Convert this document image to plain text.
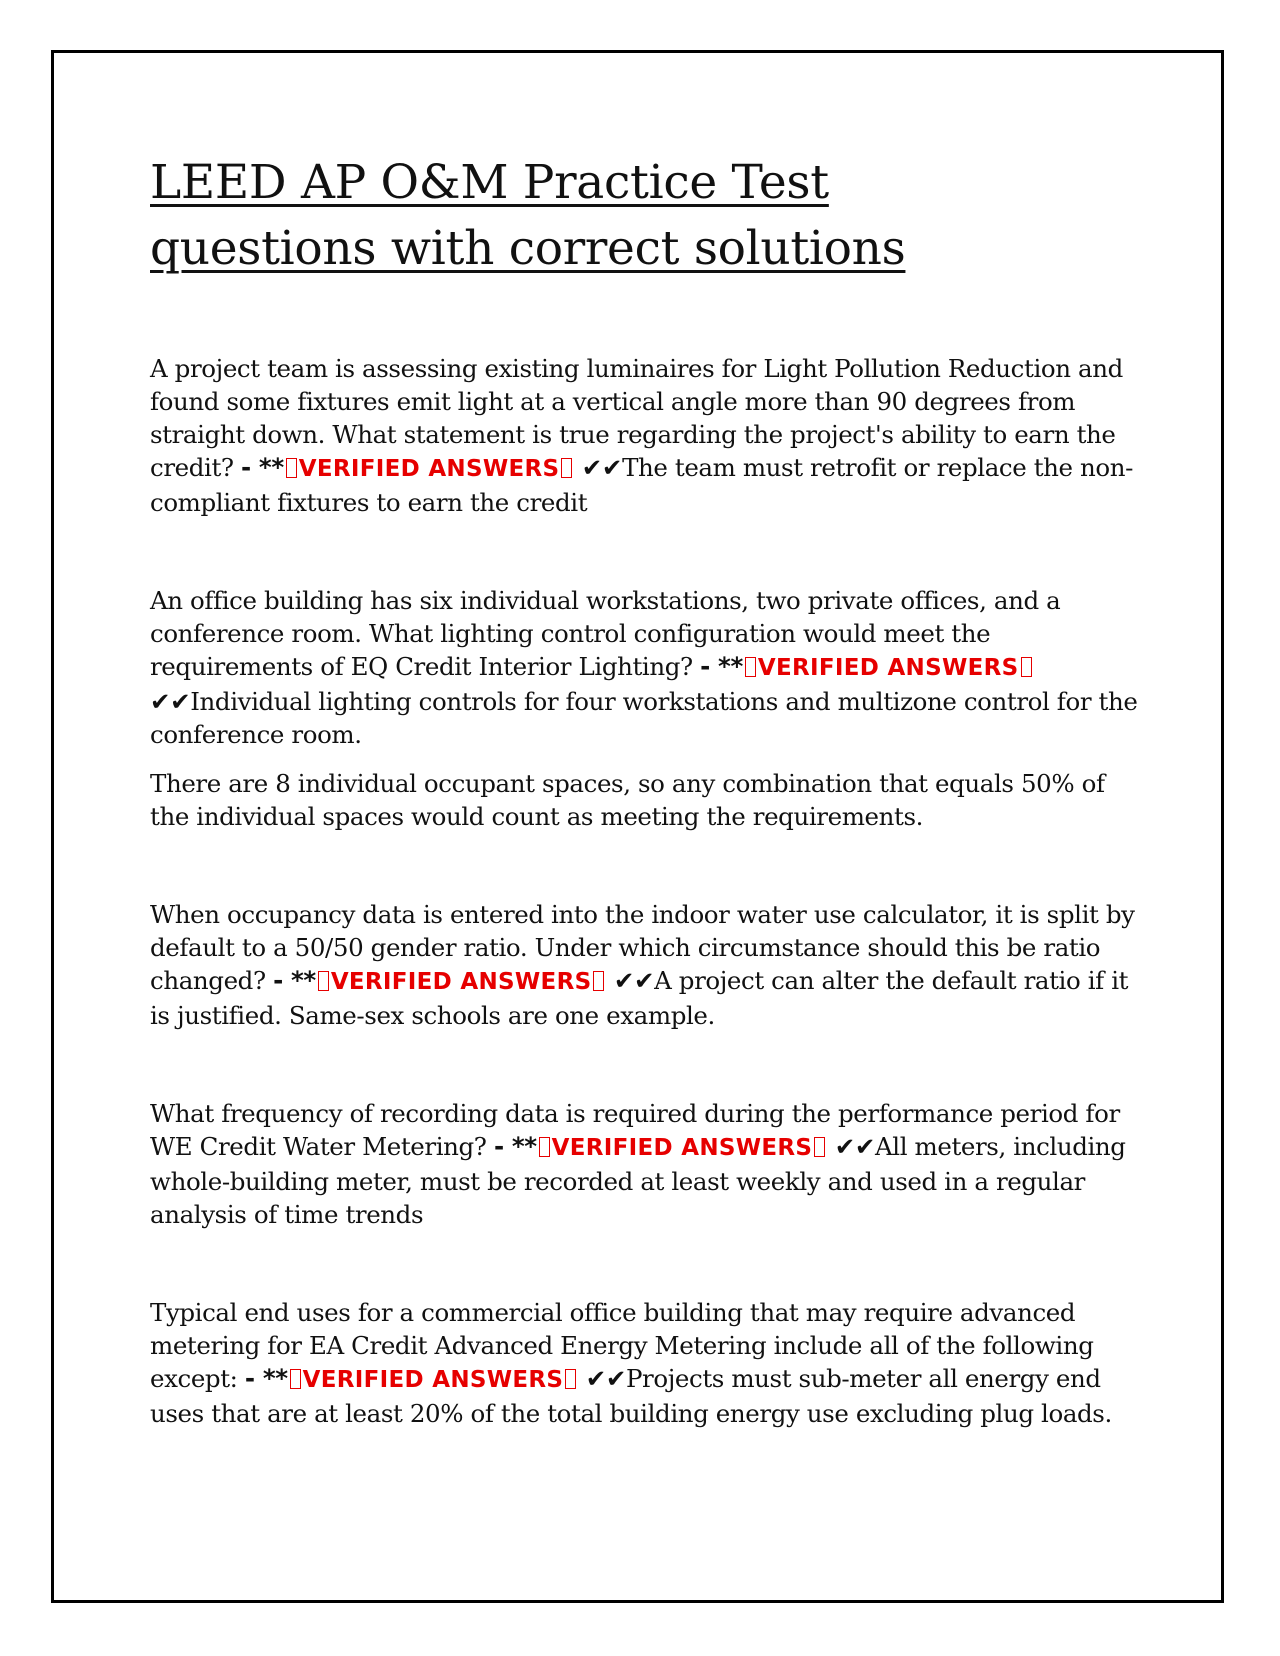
LEED AP O&M Practice Test
questions with correct solutions

A project team is assessing existing luminaires for Light Pollution Reduction and found some fixtures emit light at a vertical angle more than 90 degrees from straight down. What statement is true regarding the project's ability to earn the credit? - ** VERIFIED ANSWERS ✔✔The team must retrofit or replace the non-compliant fixtures to earn the credit

An office building has six individual workstations, two private offices, and a conference room. What lighting control configuration would meet the requirements of EQ Credit Interior Lighting? - ** VERIFIED ANSWERS ✔✔Individual lighting controls for four workstations and multizone control for the conference room.

There are 8 individual occupant spaces, so any combination that equals 50% of the individual spaces would count as meeting the requirements.

When occupancy data is entered into the indoor water use calculator, it is split by default to a 50/50 gender ratio. Under which circumstance should this be ratio changed? - ** VERIFIED ANSWERS ✔✔A project can alter the default ratio if it is justified. Same-sex schools are one example.

What frequency of recording data is required during the performance period for WE Credit Water Metering? - ** VERIFIED ANSWERS ✔✔All meters, including whole-building meter, must be recorded at least weekly and used in a regular analysis of time trends

Typical end uses for a commercial office building that may require advanced metering for EA Credit Advanced Energy Metering include all of the following except: - ** VERIFIED ANSWERS ✔✔Projects must sub-meter all energy end uses that are at least 20% of the total building energy use excluding plug loads.
